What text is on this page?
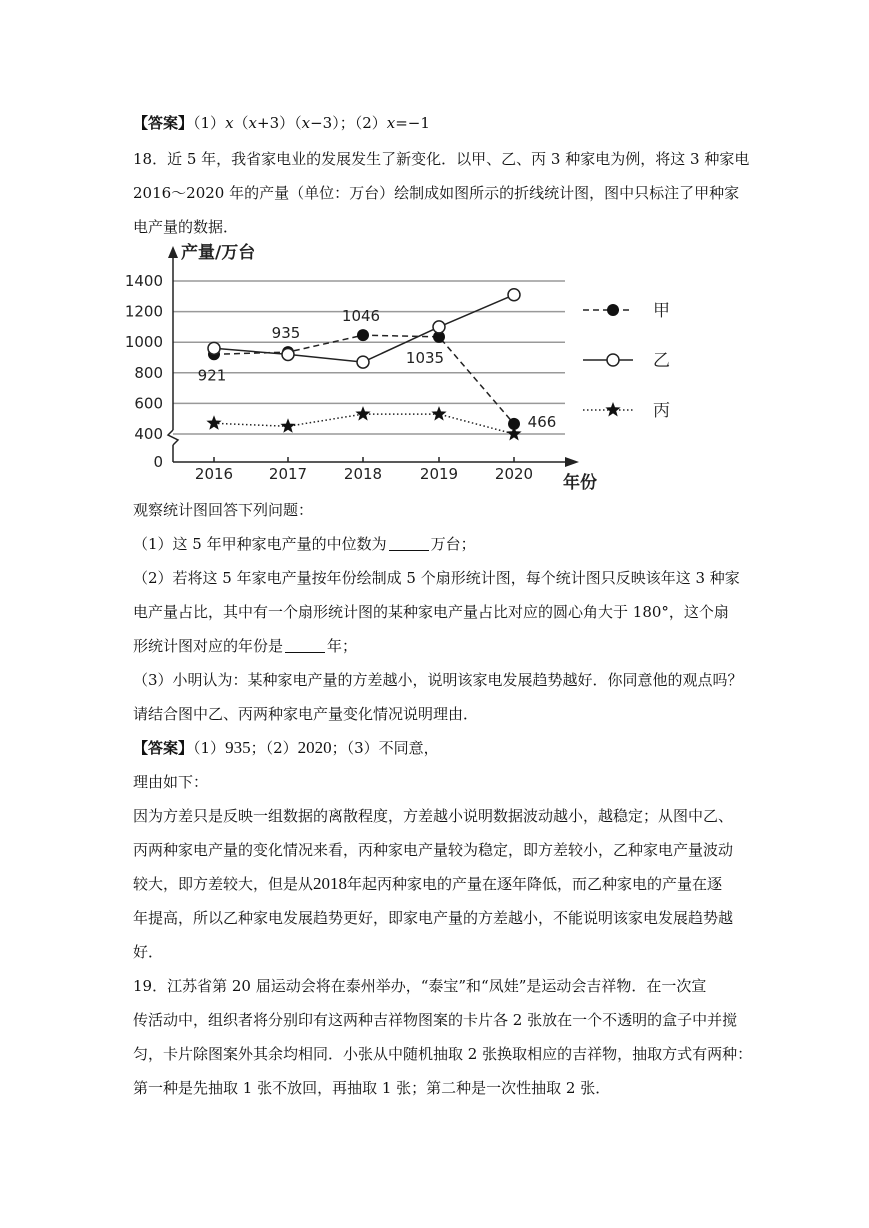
【答案】（1）x（x+3）（x−3）；（2）x=−1
18．近 5 年，我省家电业的发展发生了新变化．以甲、乙、丙 3 种家电为例，将这 3 种家电
2016～2020 年的产量（单位：万台）绘制成如图所示的折线统计图，图中只标注了甲种家
电产量的数据．
0
400
600
800
1000
1200
1400
2016 2017 2018	2019 2020
产量/万台
年份
921
935
1046
1035
466
甲
乙
丙
观察统计图回答下列问题：
（1）这 5 年甲种家电产量的中位数为	万台；
（2）若将这 5 年家电产量按年份绘制成 5 个扇形统计图，每个统计图只反映该年这 3 种家
电产量占比，其中有一个扇形统计图的某种家电产量占比对应的圆心角大于 180°，这个扇
形统计图对应的年份是	年；
（3）小明认为：某种家电产量的方差越小，说明该家电发展趋势越好．你同意他的观点吗？
请结合图中乙、丙两种家电产量变化情况说明理由．
【答案】（1）935；（2）2020；（3）不同意，
理由如下：
因为方差只是反映一组数据的离散程度，方差越小说明数据波动越小，越稳定；从图中乙、
丙两种家电产量的变化情况来看，丙种家电产量较为稳定，即方差较小，乙种家电产量波动
较大，即方差较大，但是从2018年起丙种家电的产量在逐年降低，而乙种家电的产量在逐
年提高，所以乙种家电发展趋势更好，即家电产量的方差越小，不能说明该家电发展趋势越
好．
19．江苏省第 20 届运动会将在泰州举办，“泰宝”和“凤娃”是运动会吉祥物．在一次宣
传活动中，组织者将分别印有这两种吉祥物图案的卡片各 2 张放在一个不透明的盒子中并搅
匀，卡片除图案外其余均相同．小张从中随机抽取 2 张换取相应的吉祥物，抽取方式有两种：
第一种是先抽取 1 张不放回，再抽取 1 张；第二种是一次性抽取 2 张．
